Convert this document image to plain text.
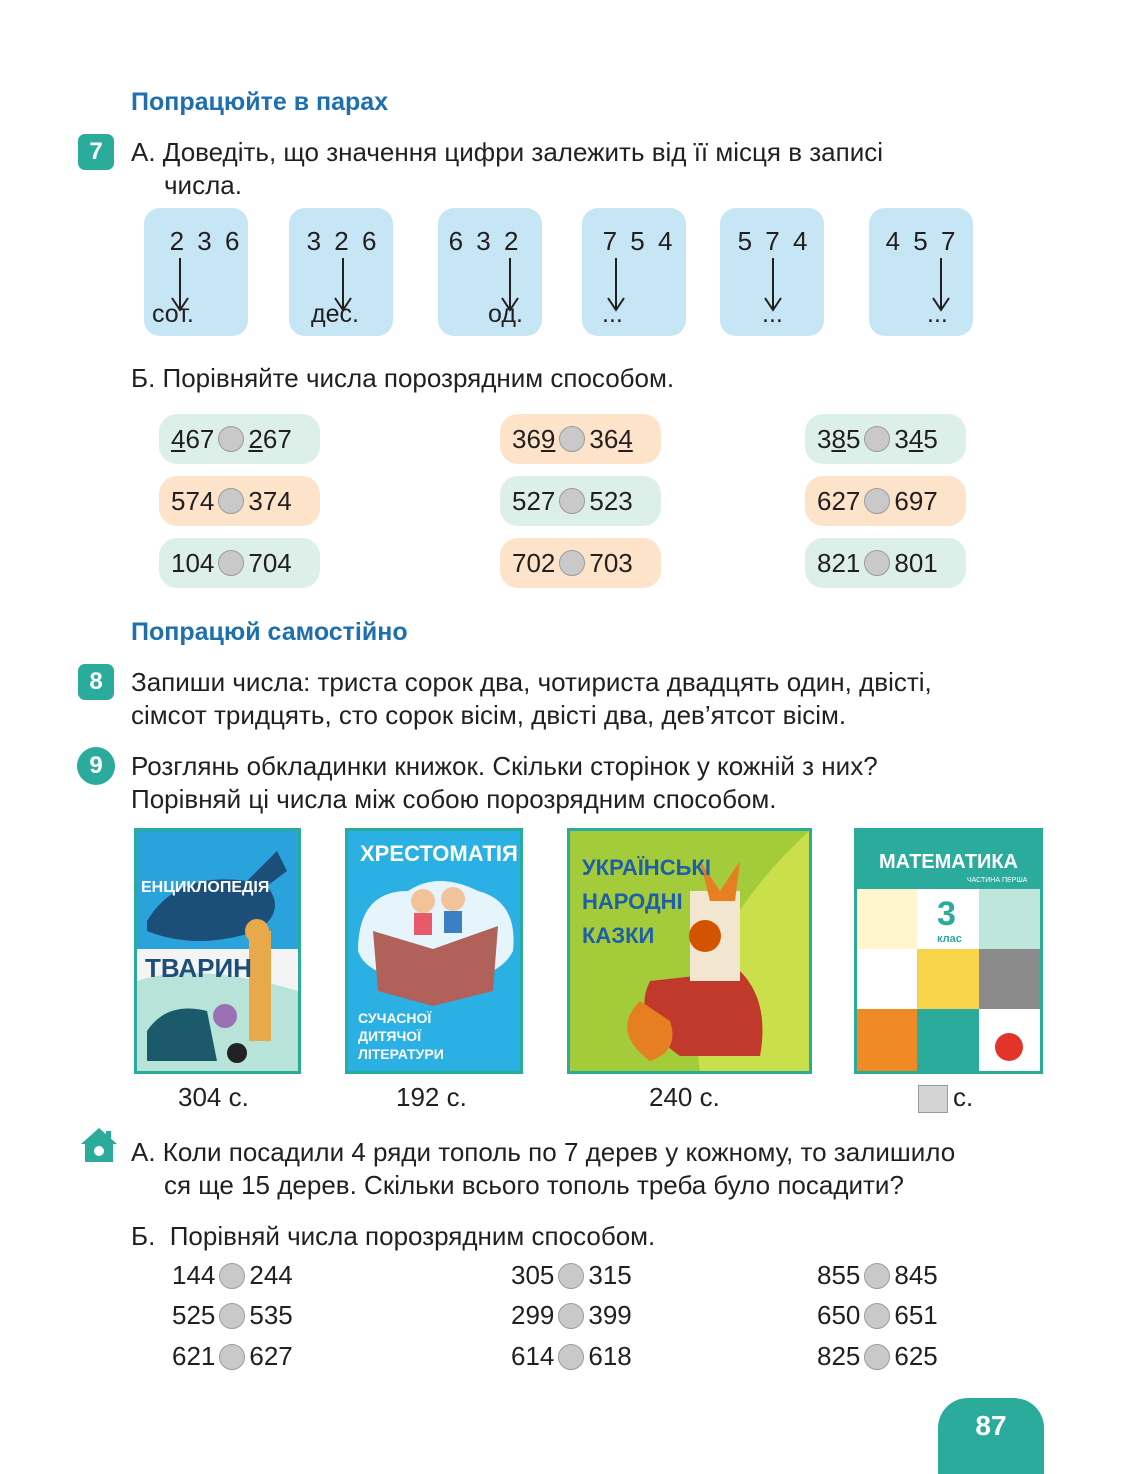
Попрацюйте в парах
7	А. Доведіть, що значення цифри залежить від її місця в записі
числа.
2 3 6
сот.
3 2 6
дес.
6 3 2
од.
7 5 4
...
5 7 4
...
4 5 7
...
Б. Порівняйте числа порозрядним способом.
467 267	369 364	385 345
574 374	527 523	627 697
104 704	702 703	821 801
Попрацюй самостійно
8	Запиши числа: триста сорок два, чотириста двадцять один, двісті,
сімсот тридцять, сто сорок вісім, двісті два, дев’ятсот вісім.
9	Розглянь обкладинки книжок. Скільки сторінок у кожній з них?
Порівняй ці числа між собою порозрядним способом.
ЕНЦИКЛОПЕДІЯ
ТВАРИН
ХРЕСТОМАТІЯ
СУЧАСНОЇ
ДИТЯЧОЇ
ЛІТЕРАТУРИ
УКРАЇНСЬКІ
НАРОДНІ
КАЗКИ
МАТЕМАТИКА
ЧАСТИНА ПЕРША
3
клас
304 с.	192 с.	240 с.	с.
А. Коли посадили 4 ряди тополь по 7 дерев у кожному, то залишило
ся ще 15 дерев. Скільки всього тополь треба було посадити?
Б.  Порівняй числа порозрядним способом.
144 244	305 315	855 845
525 535	299 399	650 651
621 627	614 618	825 625
87
